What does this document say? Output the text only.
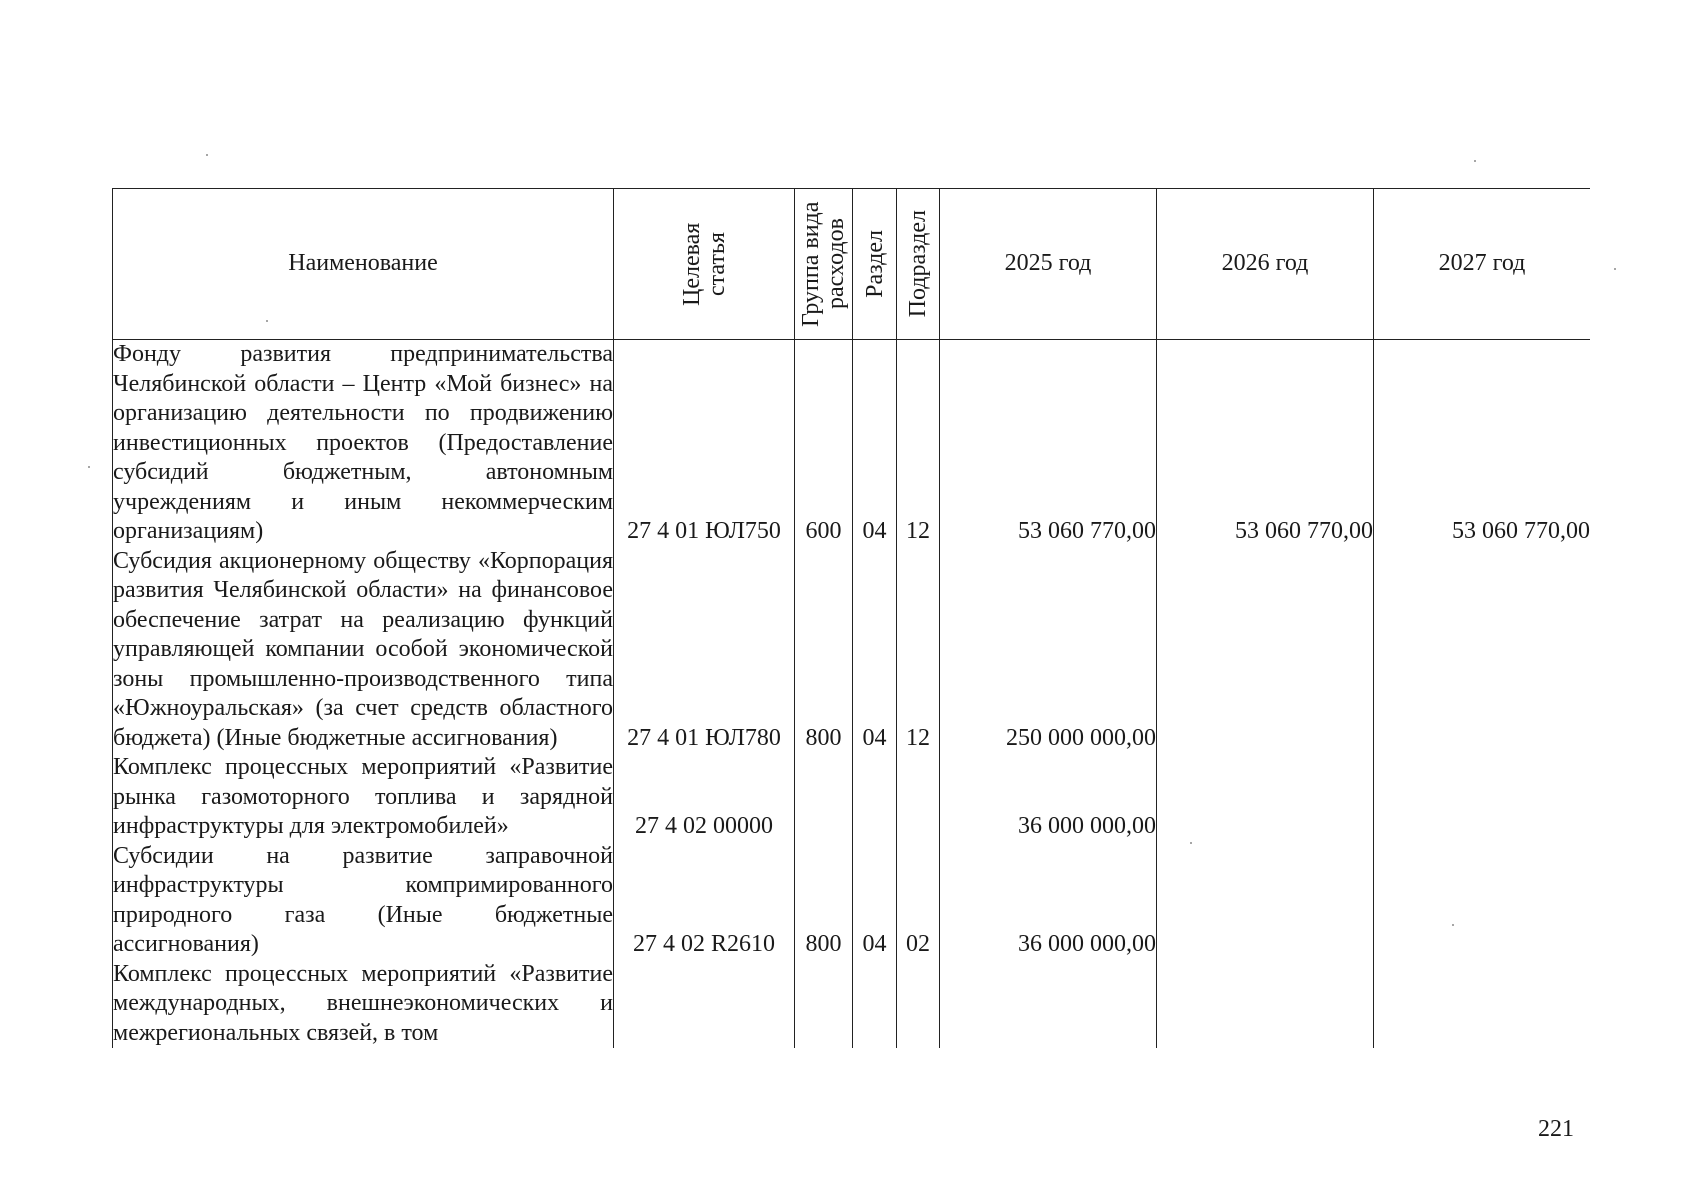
Наименование	Целевая статья	Группа вида расходов	Раздел	Подраздел	2025 год	2026 год	2027 год
Фонду развития предпринимательства Челябинской области – Центр «Мой бизнес» на организацию деятельности по продвижению инвестиционных проектов (Предоставление субсидий бюджетным, автономным учреждениям и иным некоммерческим организациям)	27 4 01 ЮЛ750	600	04	12	53 060 770,00	53 060 770,00	53 060 770,00
Субсидия акционерному обществу «Корпорация развития Челябинской области» на финансовое обеспечение затрат на реализацию функций управляющей компании особой экономической зоны промышленно-производственного типа «Южноуральская» (за счет средств областного бюджета) (Иные бюджетные ассигнования)	27 4 01 ЮЛ780	800	04	12	250 000 000,00		
Комплекс процессных мероприятий «Развитие рынка газомоторного топлива и зарядной инфраструктуры для электромобилей»	27 4 02 00000				36 000 000,00		
Субсидии на развитие заправочной инфраструктуры компримированного природного газа (Иные бюджетные ассигнования)	27 4 02 R2610	800	04	02	36 000 000,00		
Комплекс процессных мероприятий «Развитие международных, внешнеэкономических и межрегиональных связей, в том							
221
